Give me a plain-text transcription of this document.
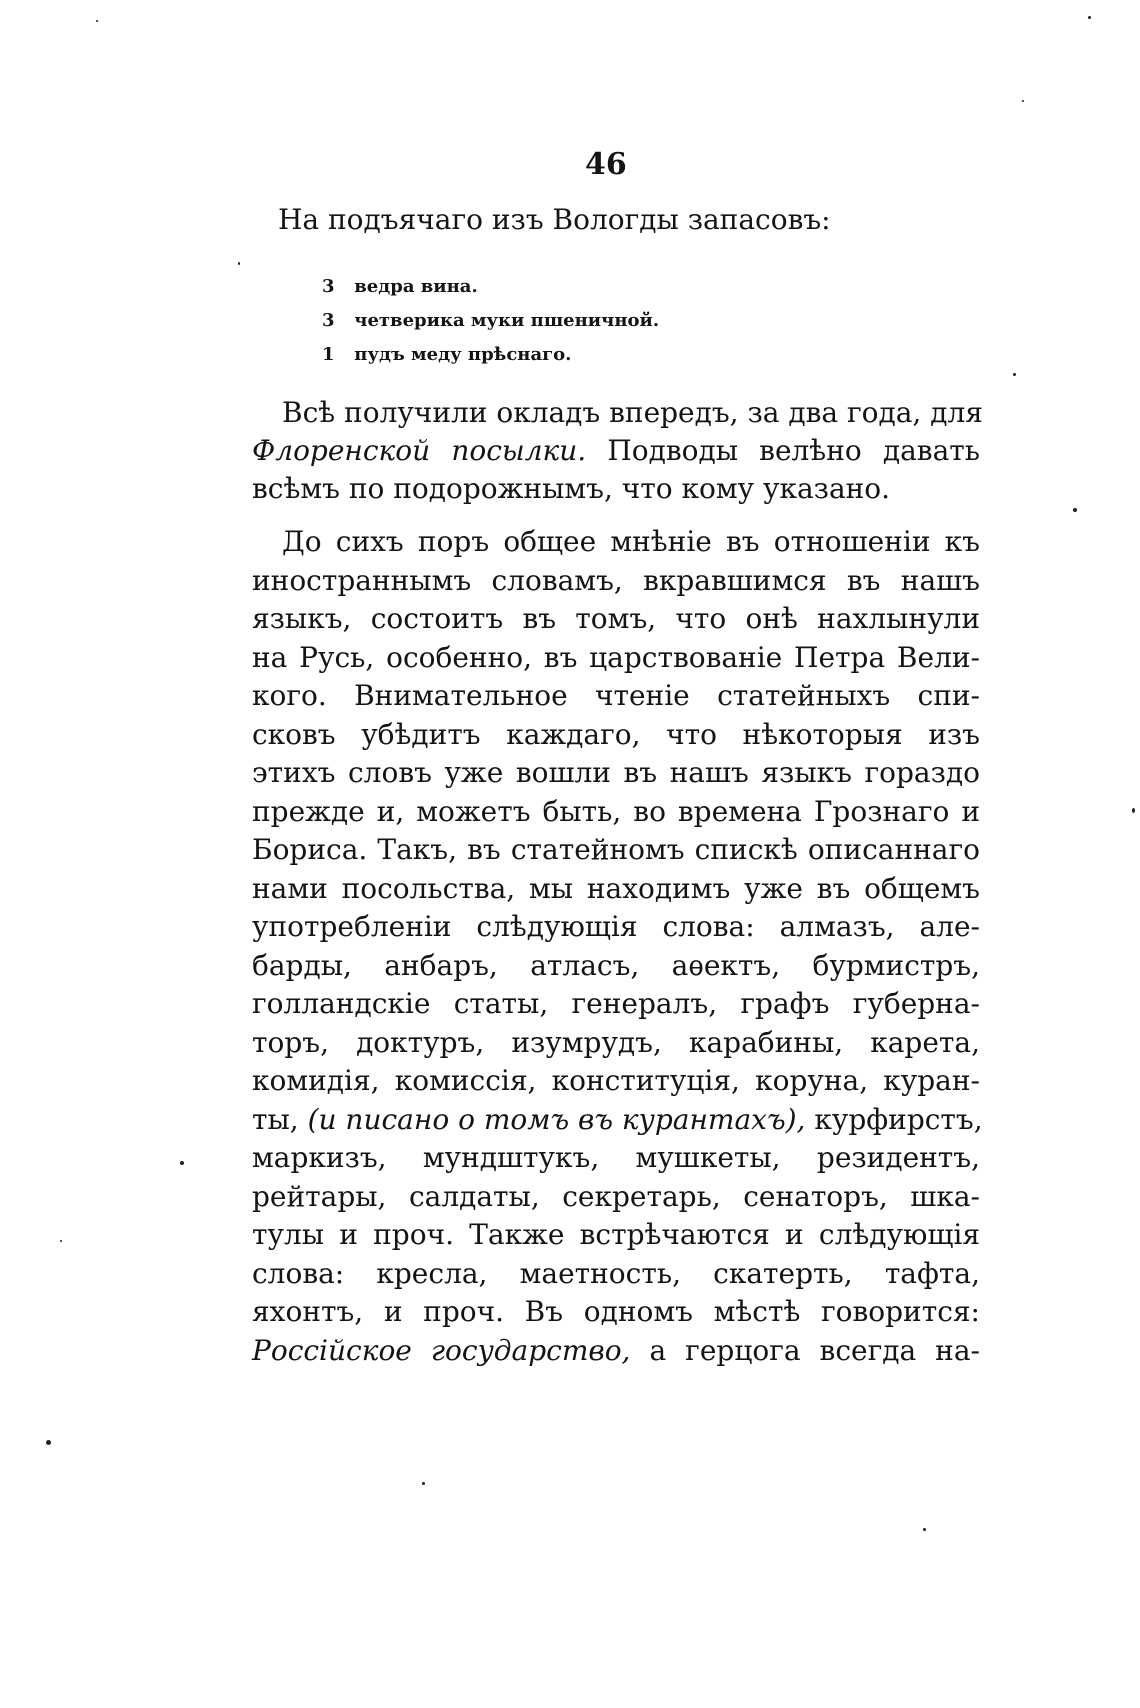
46
На подъячаго изъ Вологды запасовъ:
3 ведра вина.
3 четверика муки пшеничной.
1 пудъ меду прѣснаго.
Всѣ получили окладъ впередъ, за два года, для
Флоренской посылки. Подводы велѣно давать
всѣмъ по подорожнымъ, что кому указано.
До сихъ поръ общее мнѣніе въ отношеніи къ
иностраннымъ словамъ, вкравшимся въ нашъ
языкъ, состоитъ въ томъ, что онѣ нахлынули
на Русь, особенно, въ царствованіе Петра Вели-
кого. Внимательное чтеніе статейныхъ спи-
сковъ убѣдитъ каждаго, что нѣкоторыя изъ
этихъ словъ уже вошли въ нашъ языкъ гораздо
прежде и, можетъ быть, во времена Грознаго и
Бориса. Такъ, въ статейномъ спискѣ описаннаго
нами посольства, мы находимъ уже въ общемъ
употребленіи слѣдующія слова: алмазъ, але-
барды, анбаръ, атласъ, аѳектъ, бурмистръ,
голландскіе статы, генералъ, графъ губерна-
торъ, доктуръ, изумрудъ, карабины, карета,
комидія, комиссія, конституція, коруна, куран-
ты, (и писано о томъ въ курантахъ), курфирстъ,
маркизъ, мундштукъ, мушкеты, резидентъ,
рейтары, салдаты, секретарь, сенаторъ, шка-
тулы и проч. Также встрѣчаются и слѣдующія
слова: кресла, маетность, скатерть, тафта,
яхонтъ, и проч. Въ одномъ мѣстѣ говорится:
Россійское государство, а герцога всегда на-
